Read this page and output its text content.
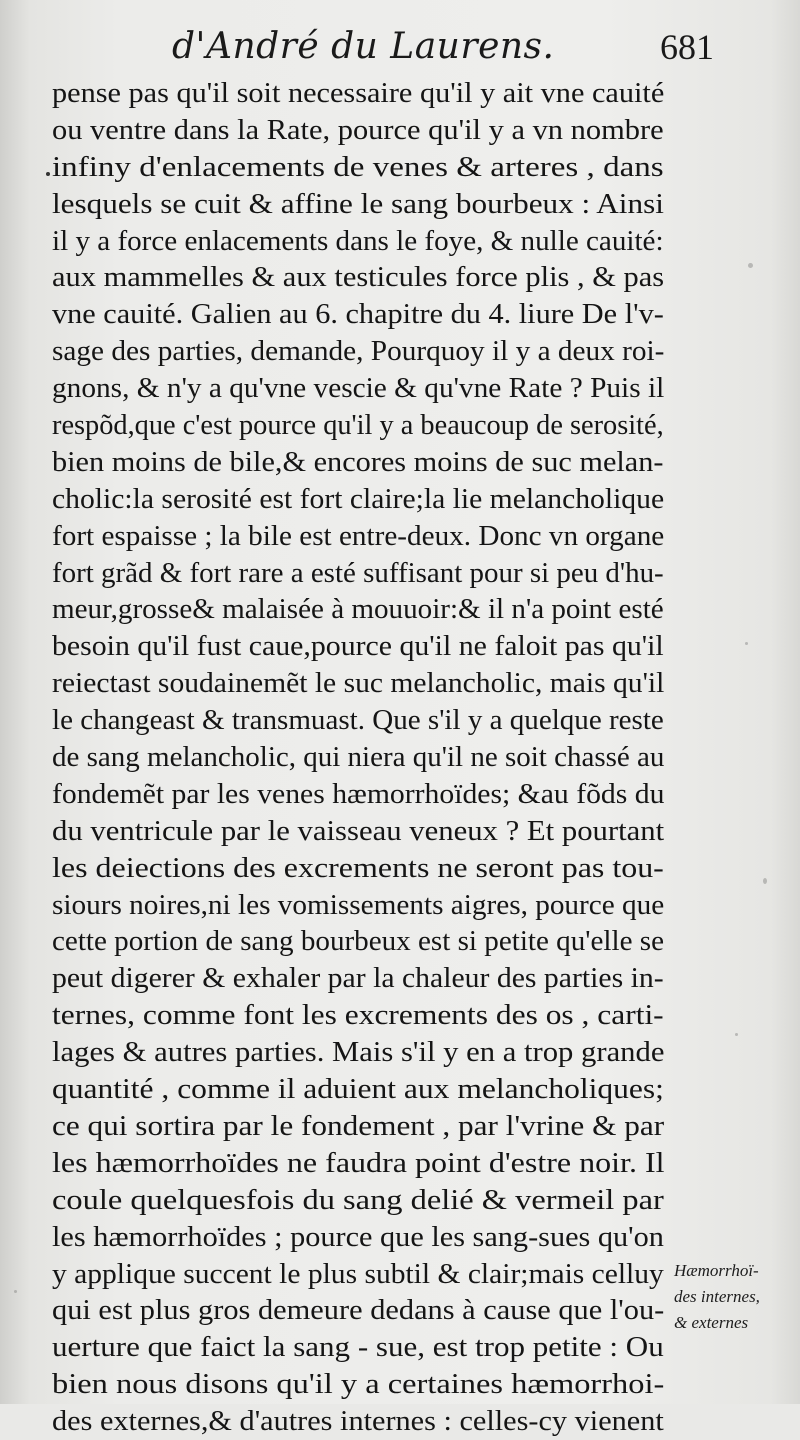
d'André du Laurens.	681
pense pas qu'il soit necessaire qu'il y ait vne cauité
ou ventre dans la Rate, pource qu'il y a vn nombre
infiny d'enlacements de venes & arteres , dans
lesquels se cuit & affine le sang bourbeux : Ainsi
il y a force enlacements dans le foye, & nulle cauité:
aux mammelles & aux testicules force plis , & pas
vne cauité. Galien au 6. chapitre du 4. liure De l'v-
sage des parties, demande, Pourquoy il y a deux roi-
gnons, & n'y a qu'vne vescie & qu'vne Rate ? Puis il
respõd,que c'est pource qu'il y a beaucoup de serosité,
bien moins de bile,& encores moins de suc melan-
cholic:la serosité est fort claire;la lie melancholique
fort espaisse ; la bile est entre-deux. Donc vn organe
fort grãd & fort rare a esté suffisant pour si peu d'hu-
meur,grosse& malaisée à mouuoir:& il n'a point esté
besoin qu'il fust caue,pource qu'il ne faloit pas qu'il
reiectast soudainemẽt le suc melancholic, mais qu'il
le changeast & transmuast. Que s'il y a quelque reste
de sang melancholic, qui niera qu'il ne soit chassé au
fondemẽt par les venes hæmorrhoïdes; &au fõds du
du ventricule par le vaisseau veneux ? Et pourtant
les deiections des excrements ne seront pas tou-
siours noires,ni les vomissements aigres, pource que
cette portion de sang bourbeux est si petite qu'elle se
peut digerer & exhaler par la chaleur des parties in-
ternes, comme font les excrements des os , carti-
lages & autres parties. Mais s'il y en a trop grande
quantité , comme il aduient aux melancholiques;
ce qui sortira par le fondement , par l'vrine & par
les hæmorrhoïdes ne faudra point d'estre noir. Il
coule quelquesfois du sang delié & vermeil par
les hæmorrhoïdes ; pource que les sang-sues qu'on
y applique succent le plus subtil & clair;mais celluy
qui est plus gros demeure dedans à cause que l'ou-
uerture que faict la sang - sue, est trop petite : Ou
bien nous disons qu'il y a certaines hæmorrhoi-
des externes,& d'autres internes : celles-cy vienent
Hæmorrhoï-
des internes,
& externes
